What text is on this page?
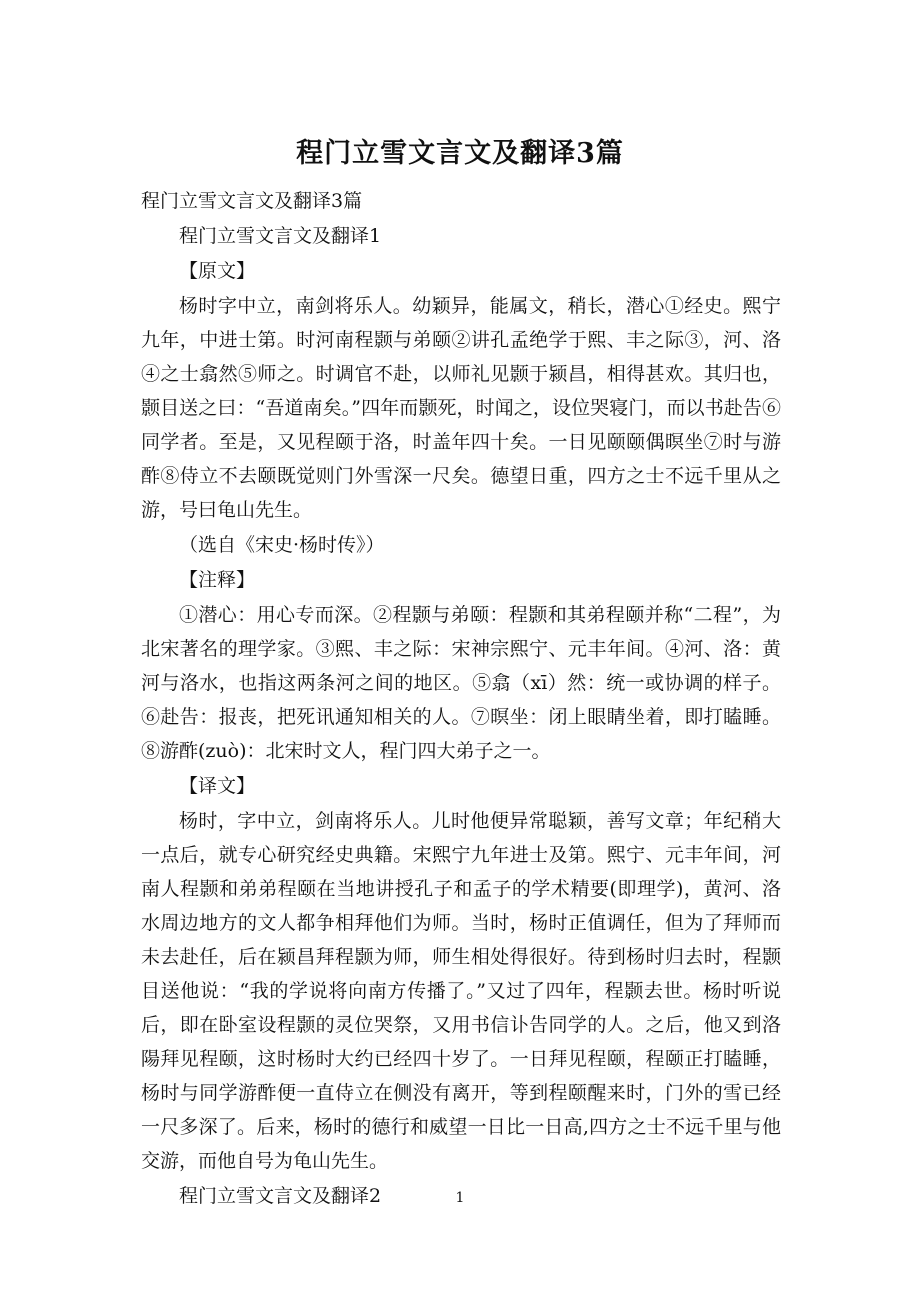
程门立雪文言文及翻译3篇

程门立雪文言文及翻译3篇

程门立雪文言文及翻译1

【原文】

杨时字中立，南剑将乐人。幼颖异，能属文，稍长，潜心①经史。熙宁九年，中进士第。时河南程颢与弟颐②讲孔孟绝学于熙、丰之际③，河、洛④之士翕然⑤师之。时调官不赴，以师礼见颢于颍昌，相得甚欢。其归也，颢目送之曰：“吾道南矣。”四年而颢死，时闻之，设位哭寝门，而以书赴告⑥同学者。至是，又见程颐于洛，时盖年四十矣。一日见颐颐偶暝坐⑦时与游酢⑧侍立不去颐既觉则门外雪深一尺矣。德望日重，四方之士不远千里从之游，号曰龟山先生。

（选自《宋史·杨时传》）

【注释】

①潜心：用心专而深。②程颢与弟颐：程颢和其弟程颐并称“二程”，为北宋著名的理学家。③熙、丰之际：宋神宗熙宁、元丰年间。④河、洛：黄河与洛水，也指这两条河之间的地区。⑤翕（xī）然：统一或协调的样子。⑥赴告：报丧，把死讯通知相关的人。⑦暝坐：闭上眼睛坐着，即打瞌睡。⑧游酢(zuò)：北宋时文人，程门四大弟子之一。

【译文】

杨时，字中立，剑南将乐人。儿时他便异常聪颖，善写文章；年纪稍大一点后，就专心研究经史典籍。宋熙宁九年进士及第。熙宁、元丰年间，河南人程颢和弟弟程颐在当地讲授孔子和孟子的学术精要(即理学)，黄河、洛水周边地方的文人都争相拜他们为师。当时，杨时正值调任，但为了拜师而未去赴任，后在颍昌拜程颢为师，师生相处得很好。待到杨时归去时，程颢目送他说：“我的学说将向南方传播了。”又过了四年，程颢去世。杨时听说后，即在卧室设程颢的灵位哭祭，又用书信讣告同学的人。之后，他又到洛陽拜见程颐，这时杨时大约已经四十岁了。一日拜见程颐，程颐正打瞌睡，杨时与同学游酢便一直侍立在侧没有离开，等到程颐醒来时，门外的雪已经一尺多深了。后来，杨时的德行和威望一日比一日高,四方之士不远千里与他交游，而他自号为龟山先生。

程门立雪文言文及翻译2	1
